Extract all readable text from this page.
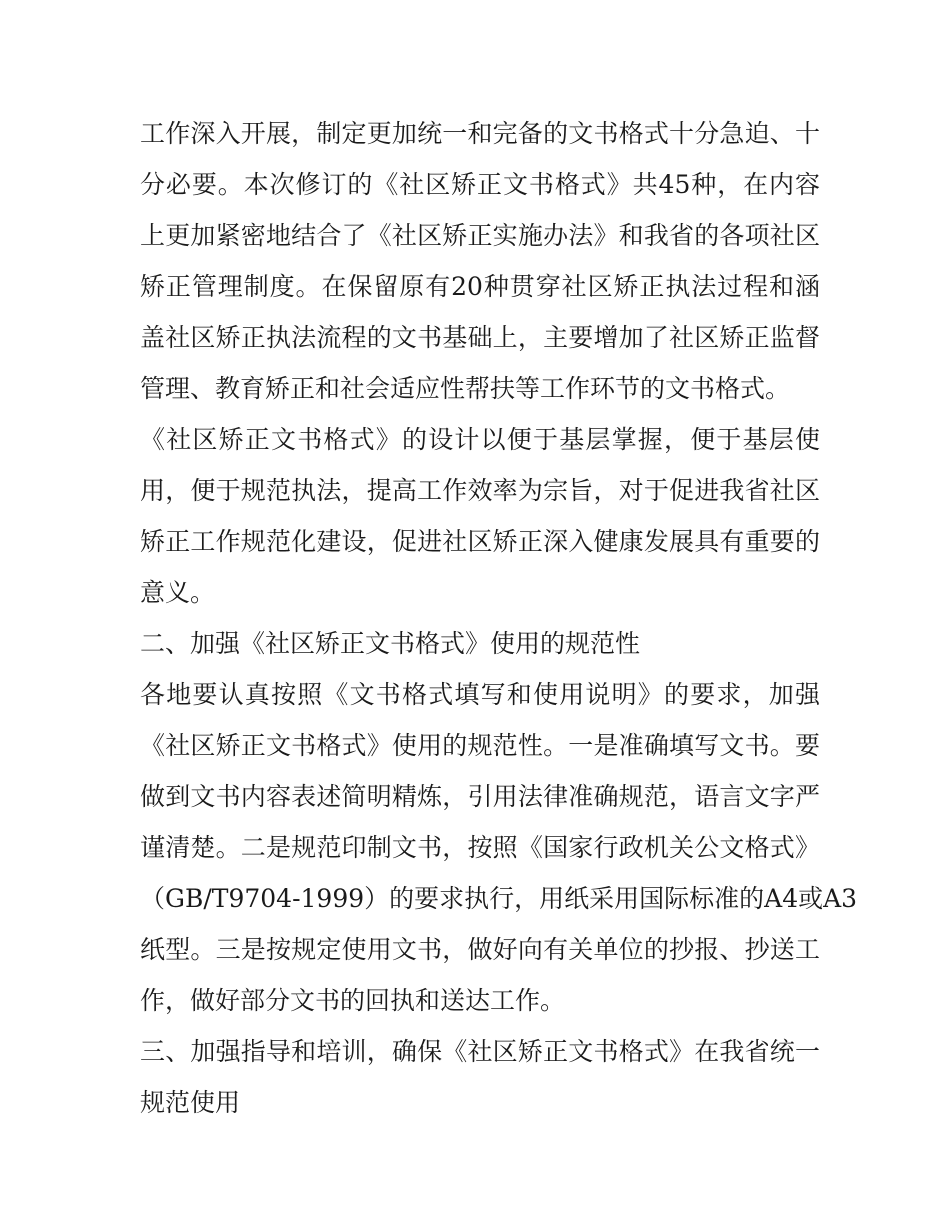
工作深入开展，制定更加统一和完备的文书格式十分急迫、十
分必要。本次修订的《社区矫正文书格式》共45种，在内容
上更加紧密地结合了《社区矫正实施办法》和我省的各项社区
矫正管理制度。在保留原有20种贯穿社区矫正执法过程和涵
盖社区矫正执法流程的文书基础上，主要增加了社区矫正监督
管理、教育矫正和社会适应性帮扶等工作环节的文书格式。
《社区矫正文书格式》的设计以便于基层掌握，便于基层使
用，便于规范执法，提高工作效率为宗旨，对于促进我省社区
矫正工作规范化建设，促进社区矫正深入健康发展具有重要的
意义。
二、加强《社区矫正文书格式》使用的规范性
各地要认真按照《文书格式填写和使用说明》的要求，加强
《社区矫正文书格式》使用的规范性。一是准确填写文书。要
做到文书内容表述简明精炼，引用法律准确规范，语言文字严
谨清楚。二是规范印制文书，按照《国家行政机关公文格式》
（GB/T9704-1999）的要求执行，用纸采用国际标准的A4或A3
纸型。三是按规定使用文书，做好向有关单位的抄报、抄送工
作，做好部分文书的回执和送达工作。
三、加强指导和培训，确保《社区矫正文书格式》在我省统一
规范使用
